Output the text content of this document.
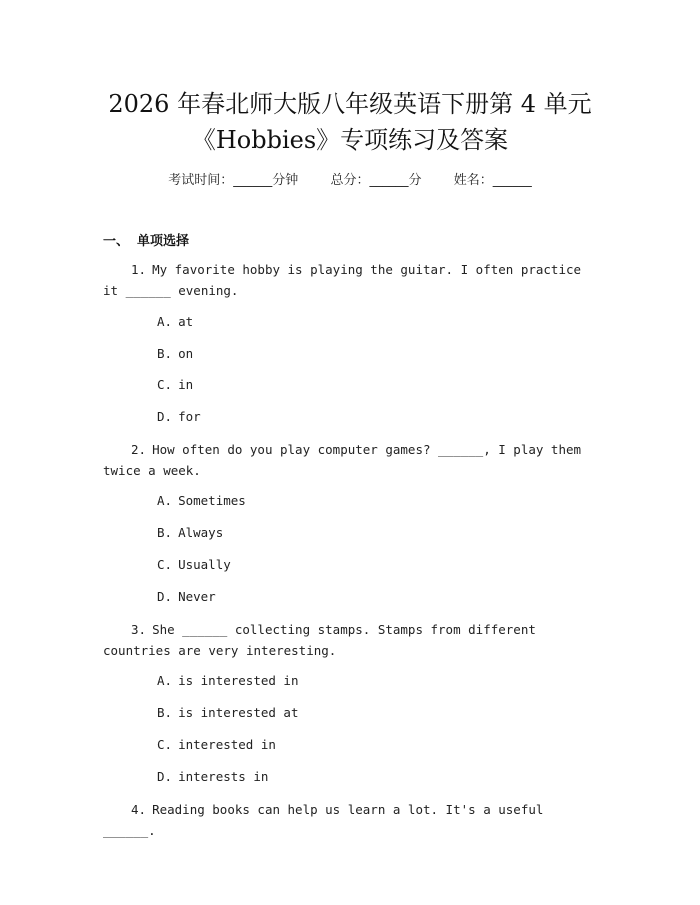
2026 年春北师大版八年级英语下册第 4 单元
《Hobbies》专项练习及答案
考试时间：______分钟 总分：______分 姓名：______
一、 单项选择
1. My favorite hobby is playing the guitar. I often practice it ______ evening.
A. at
B. on
C. in
D. for
2. How often do you play computer games? ______, I play them twice a week.
A. Sometimes
B. Always
C. Usually
D. Never
3. She ______ collecting stamps. Stamps from different countries are very interesting.
A. is interested in
B. is interested at
C. interested in
D. interests in
4. Reading books can help us learn a lot. It's a useful ______.
